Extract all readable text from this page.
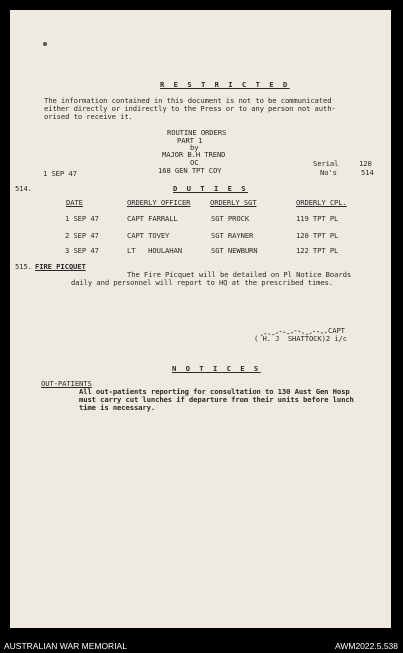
R E S T R I C T E D
The information contained in this document is not to be communicated
either directly or indirectly to the Press or to any person not auth-
orised to receive it.
ROUTINE ORDERS
PART 1
by
MAJOR B.H TREND
OC
168 GEN TPT COY
1 SEP 47
Serial	120
No's	514
514.	D U T I E S
DATE	ORDERLY OFFICER	ORDERLY SGT	ORDERLY CPL.
1 SEP 47	CAPT FARRALL	SGT PROCK	119 TPT PL
2 SEP 47	CAPT TOVEY	SGT RAYNER	120 TPT PL
3 SEP 47	LT   HOULAHAN	SGT NEWBURN	122 TPT PL
515. FIRE PICQUET
The Fire Picquet will be detailed on Pl Notice Boards
daily and personnel will report to HQ at the prescribed times.
CAPT
( H. J  SHATTOCK)2 i/c
N O T I C E S
OUT-PATIENTS
All out-patients reporting for consultation to 130 Aust Gen Hosp
must carry cut lunches if departure from their units before lunch
time is necessary.
AUSTRALIAN WAR MEMORIAL	AWM2022.5.538
